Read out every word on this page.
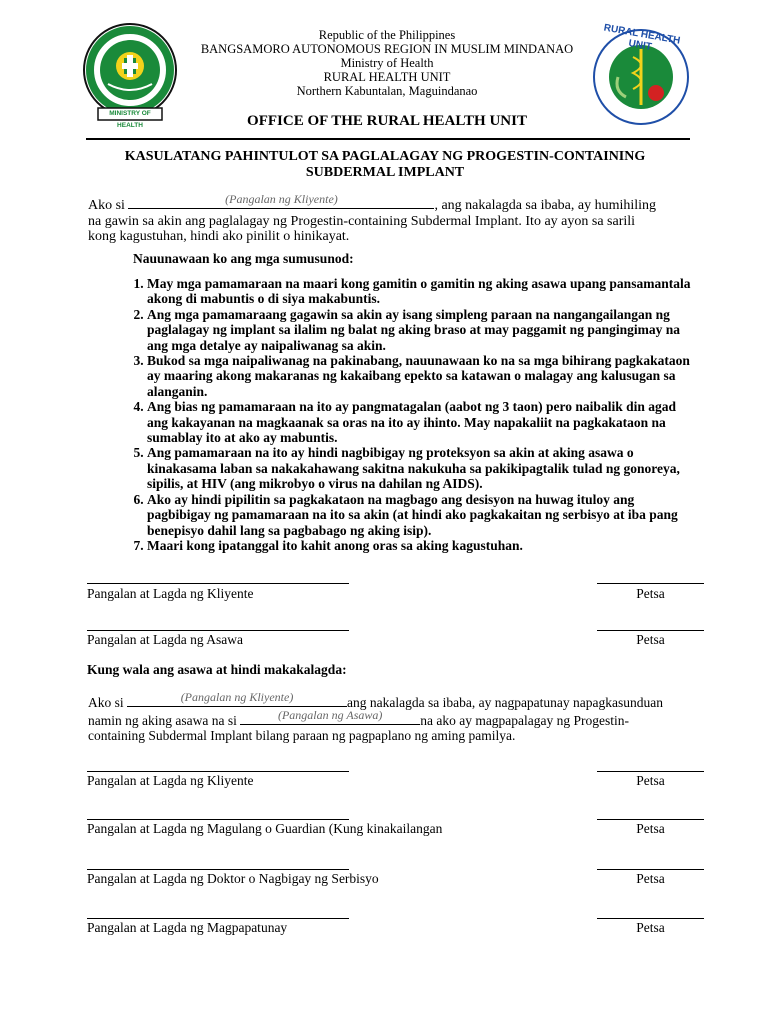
MINISTRY OF HEALTH
Republic of the Philippines
BANGSAMORO AUTONOMOUS REGION IN MUSLIM MINDANAO
Ministry of Health
RURAL HEALTH UNIT
Northern Kabuntalan, Maguindanao
RURAL HEALTH UNIT
OFFICE OF THE RURAL HEALTH UNIT
KASULATANG PAHINTULOT SA PAGLALAGAY NG PROGESTIN-CONTAINING
SUBDERMAL IMPLANT
Ako si	(Pangalan ng Kliyente)	, ang nakalagda sa ibaba, ay humihiling
na gawin sa akin ang paglalagay ng Progestin-containing Subdermal Implant. Ito ay ayon sa sarili
kong kagustuhan, hindi ako pinilit o hinikayat.
Nauunawaan ko ang mga sumusunod:
1. May mga pamamaraan na maari kong gamitin o gamitin ng aking asawa upang pansamantala akong di mabuntis o di siya makabuntis.
2. Ang mga pamamaraang gagawin sa akin ay isang simpleng paraan na nangangailangan ng paglalagay ng implant sa ilalim ng balat ng aking braso at may paggamit ng pangingimay na ang mga detalye ay naipaliwanag sa akin.
3. Bukod sa mga naipaliwanag na pakinabang, nauunawaan ko na sa mga bihirang pagkakataon ay maaring akong makaranas ng kakaibang epekto sa katawan o malagay ang kalusugan sa alanganin.
4. Ang bias ng pamamaraan na ito ay pangmatagalan (aabot ng 3 taon) pero naibalik din agad ang kakayanan na magkaanak sa oras na ito ay ihinto. May napakaliit na pagkakataon na sumablay ito at ako ay mabuntis.
5. Ang pamamaraan na ito ay hindi nagbibigay ng proteksyon sa akin at aking asawa o kinakasama laban sa nakakahawang sakitna nakukuha sa pakikipagtalik tulad ng gonoreya, sipilis, at HIV (ang mikrobyo o virus na dahilan ng AIDS).
6. Ako ay hindi pipilitin sa pagkakataon na magbago ang desisyon na huwag ituloy ang pagbibigay ng pamamaraan na ito sa akin (at hindi ako pagkakaitan ng serbisyo at iba pang benepisyo dahil lang sa pagbabago ng aking isip).
7. Maari kong ipatanggal ito kahit anong oras sa aking kagustuhan.
Pangalan at Lagda ng Kliyente	Petsa
Pangalan at Lagda ng Asawa	Petsa
Kung wala ang asawa at hindi makakalagda:
Ako si	(Pangalan ng Kliyente)	ang nakalagda sa ibaba, ay nagpapatunay napagkasunduan
namin ng aking asawa na si	(Pangalan ng Asawa)	na ako ay magpapalagay ng Progestin-
containing Subdermal Implant bilang paraan ng pagpaplano ng aming pamilya.
Pangalan at Lagda ng Kliyente	Petsa
Pangalan at Lagda ng Magulang o Guardian (Kung kinakailangan	Petsa
Pangalan at Lagda ng Doktor o Nagbigay ng Serbisyo	Petsa
Pangalan at Lagda ng Magpapatunay	Petsa
